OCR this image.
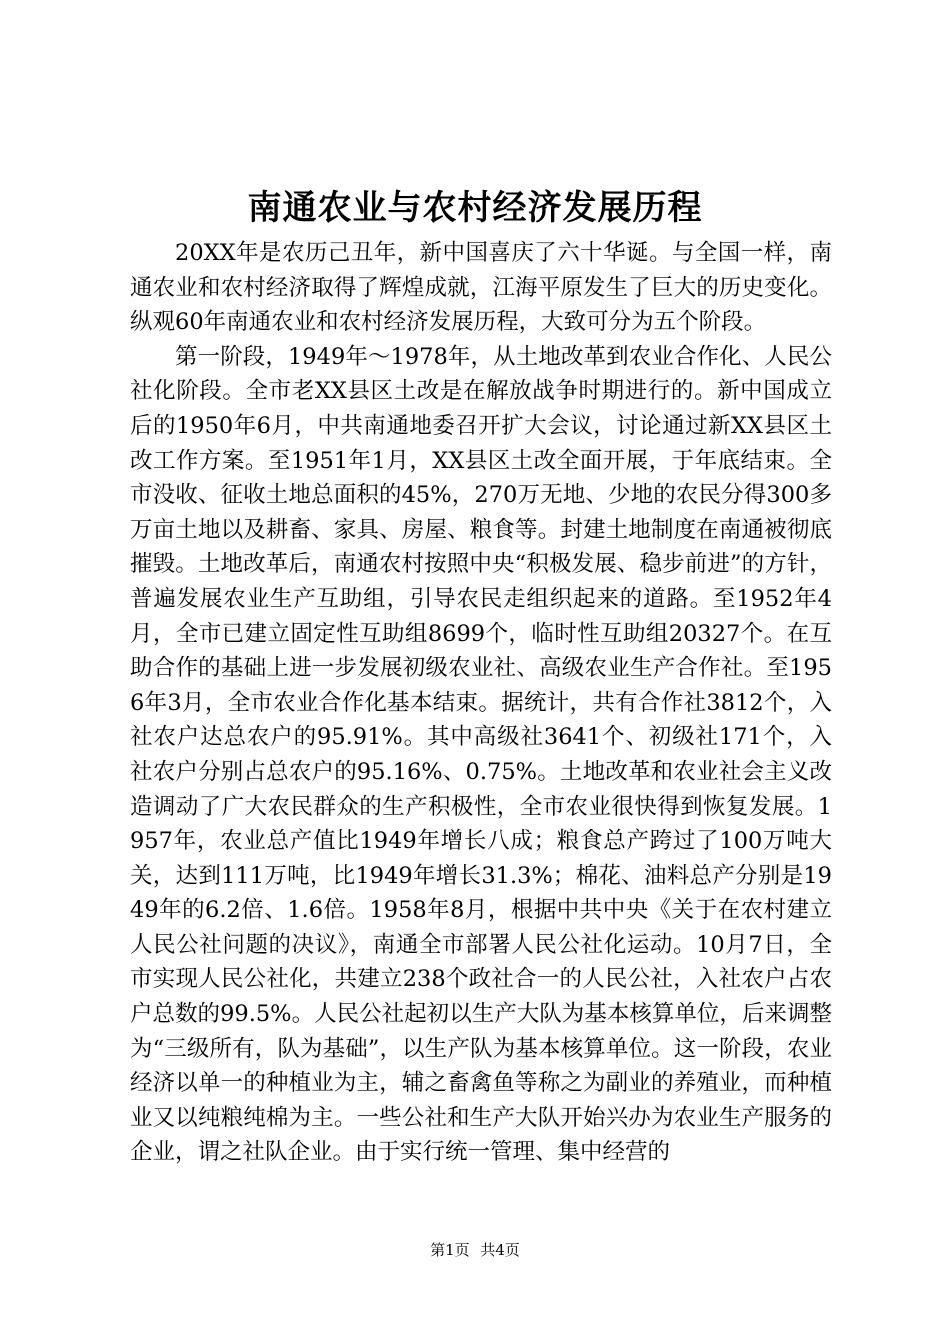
南通农业与农村经济发展历程

20XX年是农历己丑年，新中国喜庆了六十华诞。与全国一样，南通农业和农村经济取得了辉煌成就，江海平原发生了巨大的历史变化。纵观60年南通农业和农村经济发展历程，大致可分为五个阶段。

第一阶段，1949年～1978年，从土地改革到农业合作化、人民公社化阶段。全市老XX县区土改是在解放战争时期进行的。新中国成立后的1950年6月，中共南通地委召开扩大会议，讨论通过新XX县区土改工作方案。至1951年1月，XX县区土改全面开展，于年底结束。全市没收、征收土地总面积的45%，270万无地、少地的农民分得300多万亩土地以及耕畜、家具、房屋、粮食等。封建土地制度在南通被彻底摧毁。土地改革后，南通农村按照中央“积极发展、稳步前进”的方针，普遍发展农业生产互助组，引导农民走组织起来的道路。至1952年4月，全市已建立固定性互助组8699个，临时性互助组20327个。在互助合作的基础上进一步发展初级农业社、高级农业生产合作社。至1956年3月，全市农业合作化基本结束。据统计，共有合作社3812个，入社农户达总农户的95.91%。其中高级社3641个、初级社171个，入社农户分别占总农户的95.16%、0.75%。土地改革和农业社会主义改造调动了广大农民群众的生产积极性，全市农业很快得到恢复发展。1957年，农业总产值比1949年增长八成；粮食总产跨过了100万吨大关，达到111万吨，比1949年增长31.3%；棉花、油料总产分别是1949年的6.2倍、1.6倍。1958年8月，根据中共中央《关于在农村建立人民公社问题的决议》，南通全市部署人民公社化运动。10月7日，全市实现人民公社化，共建立238个政社合一的人民公社，入社农户占农户总数的99.5%。人民公社起初以生产大队为基本核算单位，后来调整为“三级所有，队为基础”，以生产队为基本核算单位。这一阶段，农业经济以单一的种植业为主，辅之畜禽鱼等称之为副业的养殖业，而种植业又以纯粮纯棉为主。一些公社和生产大队开始兴办为农业生产服务的企业，谓之社队企业。由于实行统一管理、集中经营的

第1页 共4页
